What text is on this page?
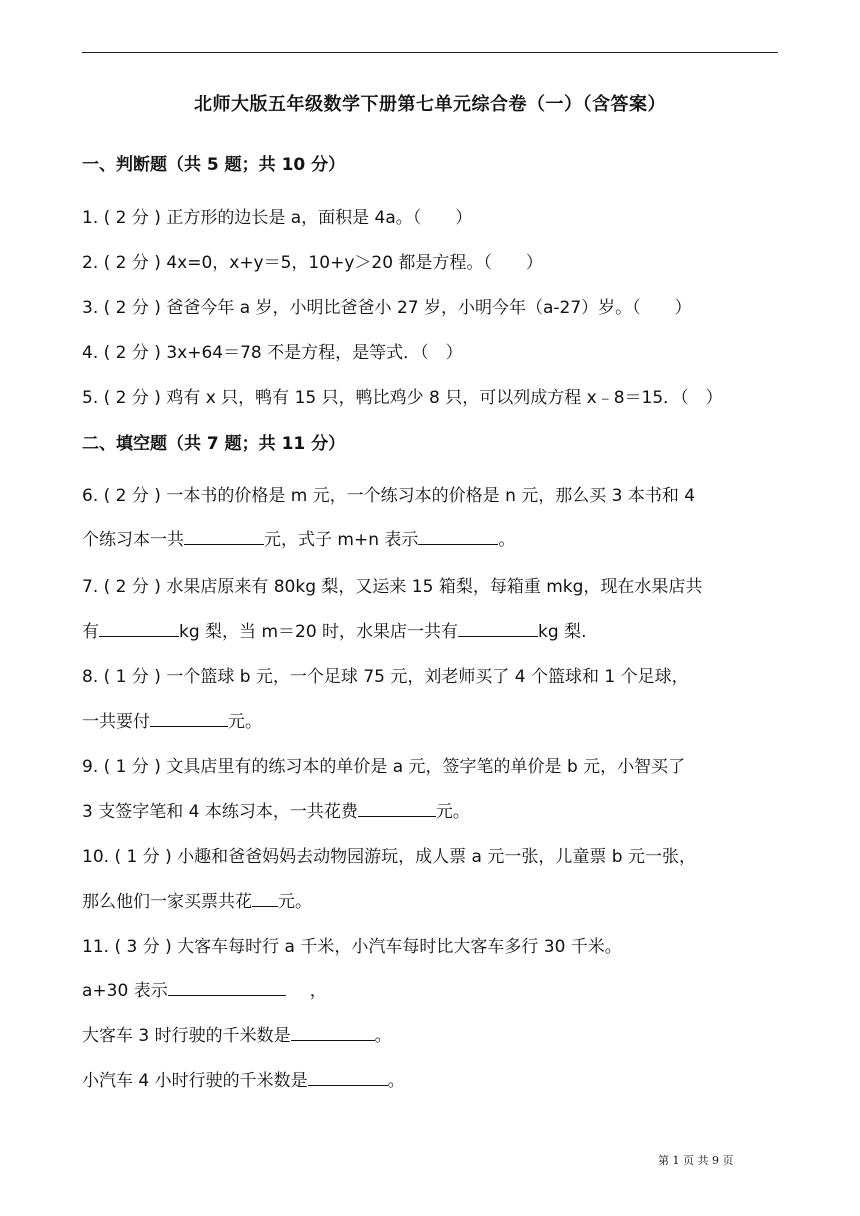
北师大版五年级数学下册第七单元综合卷（一）（含答案）
一、判断题（共 5 题；共 10 分）
1. ( 2 分 ) 正方形的边长是 a，面积是 4a。（　　）
2. ( 2 分 ) 4x=0，x+y＝5，10+y＞20 都是方程。（　　）
3. ( 2 分 ) 爸爸今年 a 岁，小明比爸爸小 27 岁，小明今年（a-27）岁。（　　）
4. ( 2 分 ) 3x+64＝78 不是方程，是等式．（　）
5. ( 2 分 ) 鸡有 x 只，鸭有 15 只，鸭比鸡少 8 只，可以列成方程 x﹣8＝15．（　）
二、填空题（共 7 题；共 11 分）
6. ( 2 分 ) 一本书的价格是 m 元，一个练习本的价格是 n 元，那么买 3 本书和 4
个练习本一共	元，式子 m+n 表示	。
7. ( 2 分 ) 水果店原来有 80kg 梨，又运来 15 箱梨，每箱重 mkg，现在水果店共
有	kg 梨，当 m＝20 时，水果店一共有	kg 梨.
8. ( 1 分 ) 一个篮球 b 元，一个足球 75 元，刘老师买了 4 个篮球和 1 个足球，
一共要付	元。
9. ( 1 分 ) 文具店里有的练习本的单价是 a 元，签字笔的单价是 b 元，小智买了
3 支签字笔和 4 本练习本，一共花费	元。
10. ( 1 分 ) 小趣和爸爸妈妈去动物园游玩，成人票 a 元一张，儿童票 b 元一张，
那么他们一家买票共花 元。
11. ( 3 分 ) 大客车每时行 a 千米，小汽车每时比大客车多行 30 千米。
a+30 表示	，
大客车 3 时行驶的千米数是	。
小汽车 4 小时行驶的千米数是	。
第 1 页 共 9 页
